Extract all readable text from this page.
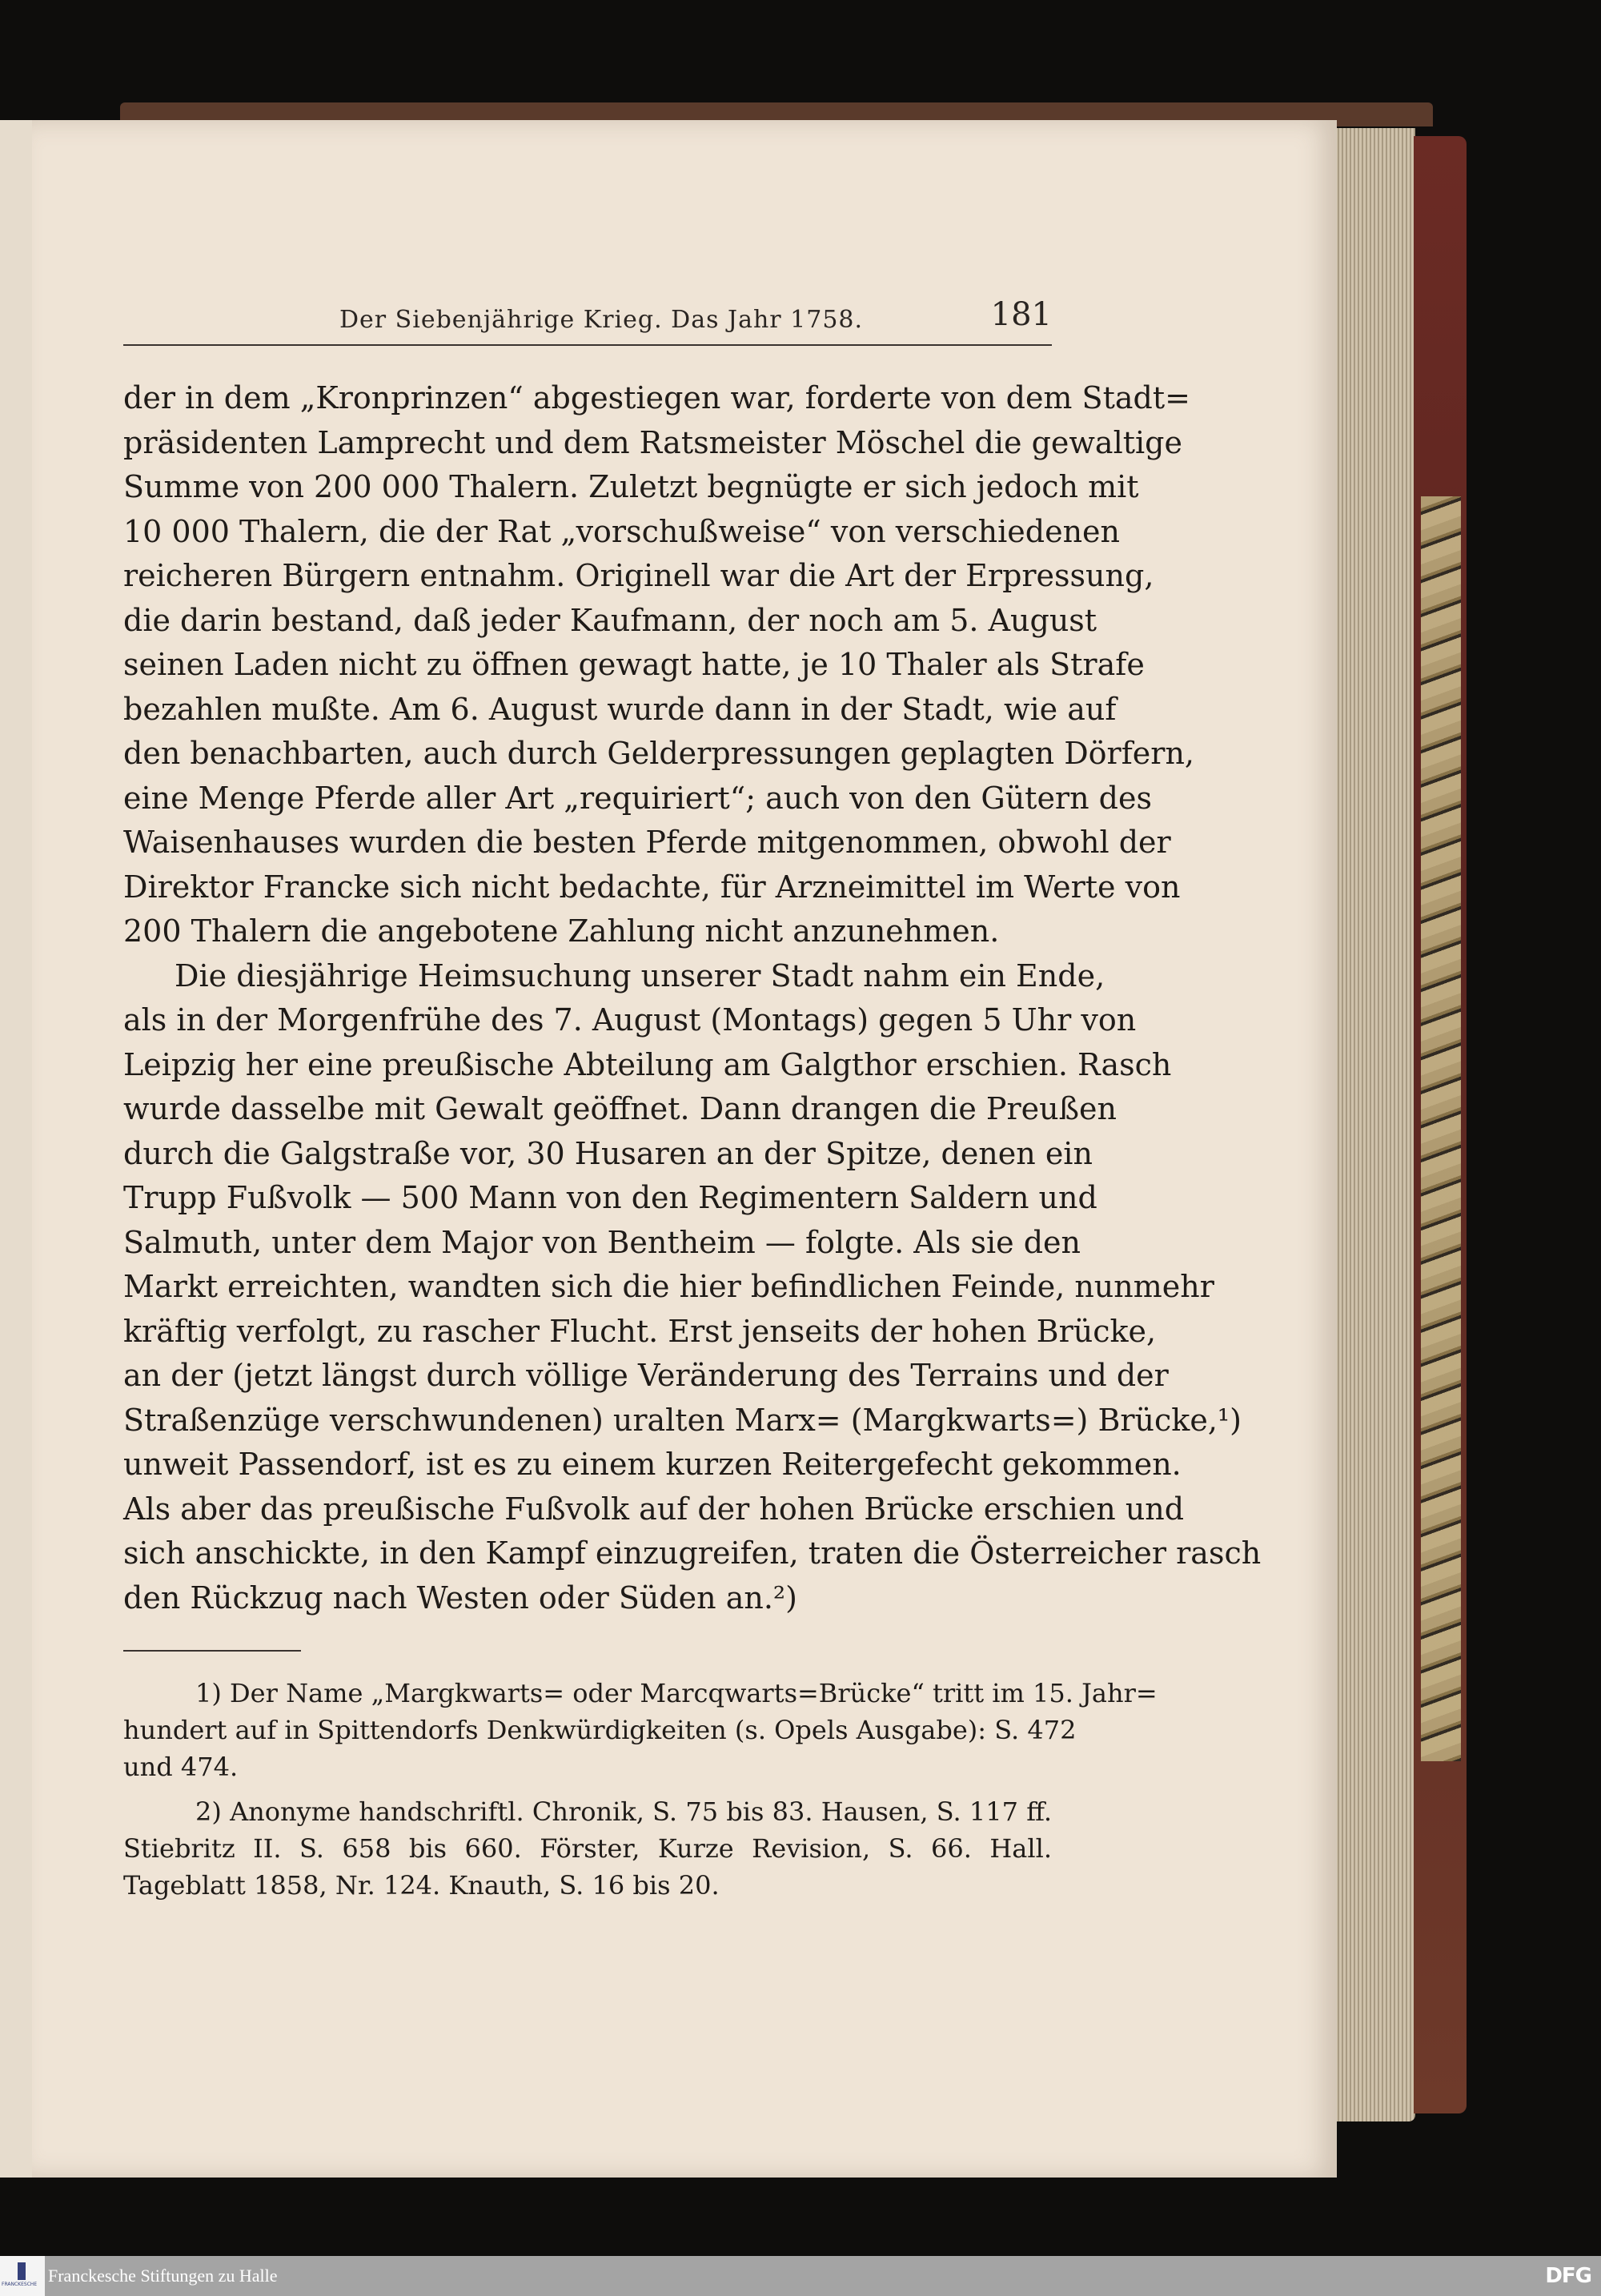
Der Siebenjährige Krieg. Das Jahr 1758.	181
der in dem „Kronprinzen“ abgestiegen war, forderte von dem Stadt=
präsidenten Lamprecht und dem Ratsmeister Möschel die gewaltige
Summe von 200 000 Thalern. Zuletzt begnügte er sich jedoch mit
10 000 Thalern, die der Rat „vorschußweise“ von verschiedenen
reicheren Bürgern entnahm. Originell war die Art der Erpressung,
die darin bestand, daß jeder Kaufmann, der noch am 5. August
seinen Laden nicht zu öffnen gewagt hatte, je 10 Thaler als Strafe
bezahlen mußte. Am 6. August wurde dann in der Stadt, wie auf
den benachbarten, auch durch Gelderpressungen geplagten Dörfern,
eine Menge Pferde aller Art „requiriert“; auch von den Gütern des
Waisenhauses wurden die besten Pferde mitgenommen, obwohl der
Direktor Francke sich nicht bedachte, für Arzneimittel im Werte von
200 Thalern die angebotene Zahlung nicht anzunehmen.
Die diesjährige Heimsuchung unserer Stadt nahm ein Ende,
als in der Morgenfrühe des 7. August (Montags) gegen 5 Uhr von
Leipzig her eine preußische Abteilung am Galgthor erschien. Rasch
wurde dasselbe mit Gewalt geöffnet. Dann drangen die Preußen
durch die Galgstraße vor, 30 Husaren an der Spitze, denen ein
Trupp Fußvolk — 500 Mann von den Regimentern Saldern und
Salmuth, unter dem Major von Bentheim — folgte. Als sie den
Markt erreichten, wandten sich die hier befindlichen Feinde, nunmehr
kräftig verfolgt, zu rascher Flucht. Erst jenseits der hohen Brücke,
an der (jetzt längst durch völlige Veränderung des Terrains und der
Straßenzüge verschwundenen) uralten Marx= (Margkwarts=) Brücke,¹)
unweit Passendorf, ist es zu einem kurzen Reitergefecht gekommen.
Als aber das preußische Fußvolk auf der hohen Brücke erschien und
sich anschickte, in den Kampf einzugreifen, traten die Österreicher rasch
den Rückzug nach Westen oder Süden an.²)
1) Der Name „Margkwarts= oder Marcqwarts=Brücke“ tritt im 15. Jahr=
hundert auf in Spittendorfs Denkwürdigkeiten (s. Opels Ausgabe): S. 472
und 474.
2) Anonyme handschriftl. Chronik, S. 75 bis 83. Hausen, S. 117 ff.
Stiebritz II. S. 658 bis 660. Förster, Kurze Revision, S. 66. Hall.
Tageblatt 1858, Nr. 124. Knauth, S. 16 bis 20.
FRANCKESCHE Franckesche Stiftungen zu Halle	DFG
